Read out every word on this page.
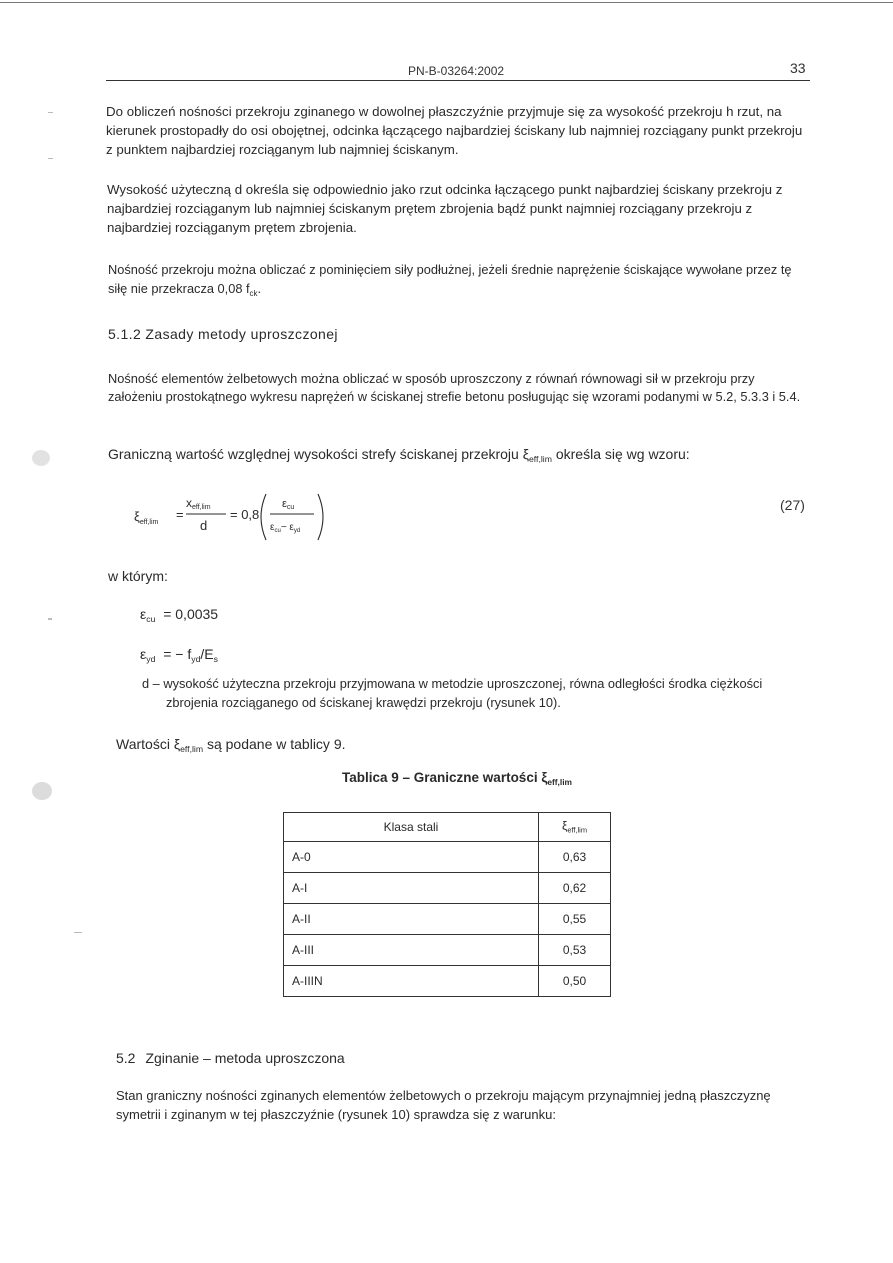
PN-B-03264:2002	33
Do obliczeń nośności przekroju zginanego w dowolnej płaszczyźnie przyjmuje się za wysokość przekroju h rzut, na kierunek prostopadły do osi obojętnej, odcinka łączącego najbardziej ściskany lub najmniej rozciągany punkt przekroju z punktem najbardziej rozciąganym lub najmniej ściskanym.
Wysokość użyteczną d określa się odpowiednio jako rzut odcinka łączącego punkt najbardziej ściskany przekroju z najbardziej rozciąganym lub najmniej ściskanym prętem zbrojenia bądź punkt najmniej rozciągany przekroju z najbardziej rozciąganym prętem zbrojenia.
Nośność przekroju można obliczać z pominięciem siły podłużnej, jeżeli średnie naprężenie ściskające wywołane przez tę siłę nie przekracza 0,08 $f_{ck}$.
5.1.2 Zasady metody uproszczonej
Nośność elementów żelbetowych można obliczać w sposób uproszczony z równań równowagi sił w przekroju przy założeniu prostokątnego wykresu naprężeń w ściskanej strefie betonu posługując się wzorami podanymi w 5.2, 5.3.3 i 5.4.
Graniczną wartość względnej wysokości strefy ściskanej przekroju $\xi_{eff,lim}$ określa się wg wzoru:
$\xi_{eff,lim}$
=
xeff,lim
d
= 0,8
εcu
$\varepsilon_{cu}- \varepsilon_{yd}$
(27)
w którym:
$\varepsilon_{cu} = 0,0035$
$\varepsilon_{yd}$ = − $f_{yd}/E_s$
d – wysokość użyteczna przekroju przyjmowana w metodzie uproszczonej, równa odległości środka ciężkości
zbrojenia rozciąganego od ściskanej krawędzi przekroju (rysunek 10).
Wartości $\xi_{eff,lim}$ są podane w tablicy 9.
Tablica 9 – Graniczne wartości $\xi_{eff,lim}$
Klasa stali	$\xi_{eff,lim}$
A-0	0,63
A-I	0,62
A-II	0,55
A-III	0,53
A-IIIN	0,50
5.2 Zginanie – metoda uproszczona
Stan graniczny nośności zginanych elementów żelbetowych o przekroju mającym przynajmniej jedną płaszczyznę symetrii i zginanym w tej płaszczyźnie (rysunek 10) sprawdza się z warunku:
